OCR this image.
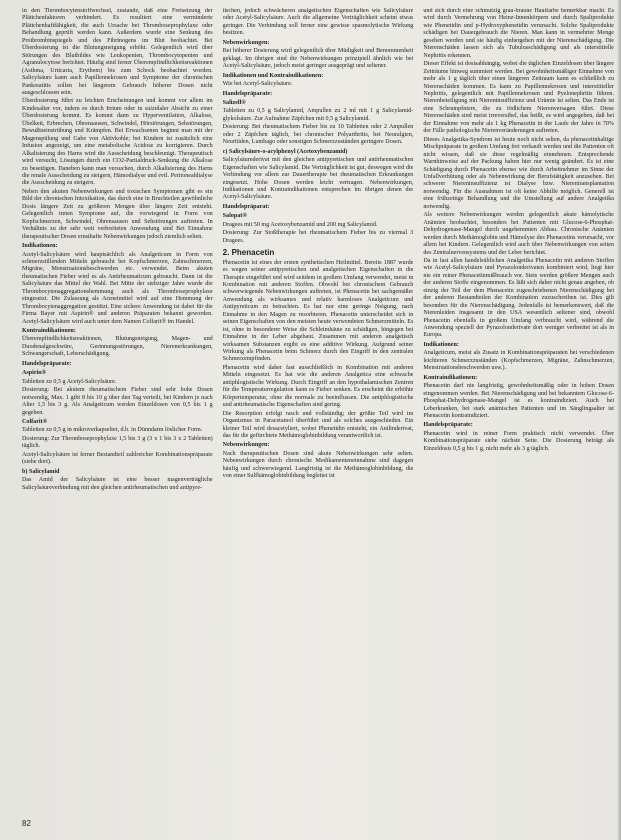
in den Thrombocytenstoffwechsel, zustande, daß eine Freisetzung der Plättchenfaktoren verhindert. Es resultiert eine verminderte Plättchenhaftfähigkeit, die auch Ursache bei Thromboseprophylaxe oder Behandlung geprüft werden kann. Außerdem wurde eine Senkung des Prothrombinspiegels und des Fibrinogens im Blut beobachtet. Bei Überdosierung ist die Blutungsneigung erhöht. Gelegentlich wird über Störungen des Blutbildes wie Leukopenien, Thrombocytopenien und Agranulocytose berichtet. Häufig sind ferner Überempfindlichkeitsreaktionen (Asthma, Urticaria, Erythem) bis zum Schock beobachtet worden. Salicylsäure kann auch Papillennekrosen und Symptome der chronischen Pankreatitis sollen bei längerem Gebrauch höherer Dosen nicht ausgeschlossen sein.

Überdosierung führt zu leichten Erscheinungen und kommt vor allem im Kindesalter vor, indem es durch Irrtum oder in suizidaler Absicht zu einer Überdosierung kommt. Es kommt dann zu Hyperventilation, Alkalose, Übelkeit, Erbrechen, Ohrensausen, Schwindel, Hörstörungen, Sehstörungen, Bewußtseinstrübung und Krämpfen. Bei Erwachsenen beginnt man mit der Magenspülung und Gabe von Aktivkohle; bei Kindern ist zusätzlich eine Infusion angezeigt, um eine metabolische Acidose zu korrigieren. Durch Alkalisierung des Harns wird die Ausscheidung beschleunigt. Therapeutisch wird versucht, Lösungen durch ein CO2-Partialdruck-Senkung die Alkalose zu beseitigen. Daneben kann man versuchen, durch Alkalisierung des Harns die renale Ausscheidung zu steigern, Hämodialyse und evtl. Peritonealdialyse die Ausscheidung zu steigern.

Neben den akuten Nebenwirkungen und toxischen Symptomen gibt es ein Bild der chronischen Intoxikation, das durch eine in Bruchteilen gewöhnliche Dosis längere Zeit zu größeren Mengen über längere Zeit entsteht. Gelegentlich treten Symptome auf, die vorwiegend in Form von Kopfschmerzen, Schwindel, Ohrensausen und Sehstörungen auftreten. In Verhältnis zu der sehr weit verbreiteten Anwendung sind Bei Einnahme therapeutischer Dosen ernsthafte Nebenwirkungen jedoch ziemlich selten.

Indikationen:

Acetyl-Salicylsäure wird hauptsächlich als Analgeticum in Form von schmerzstillenden Mitteln gebraucht bei Kopfschmerzen, Zahnschmerzen, Migräne, Menstruationsbeschwerden etc. verwendet. Beim akuten rheumatischen Fieber wird es als Antirheumaticum gebraucht. Dann ist die Salicylsäure das Mittel der Wahl. Bei Mitte der siebziger Jahre wurde die Thrombocytenaggregationshemmung auch als Thromboseprophylaxe eingesetzt. Die Zulassung als Arzneimittel wird auf eine Hemmung der Thrombocytenaggregation gestützt. Eine sichere Anwendung ist dabei für die Firma Bayer mit Aspirin® und anderen Präparaten bekannt geworden. Acetyl-Salicylsäure wird auch unter dem Namen Colfarit® im Handel.

Kontraindikationen:

Überempfindlichkeitsreaktionen, Blutungsneigung, Magen- und Duodenalgeschwüre, Gerinnungsstörungen, Nierenerkrankungen, Schwangerschaft, Leberschädigung.

Handelspräparate:

Aspirin®

Tabletten zu 0,5 g Acetyl-Salicylsäure.

Dosierung: Bei akutem rheumatischem Fieber sind sehr hohe Dosen notwendig, Max. 1 gibt 8 bis 10 g über den Tag verteilt, bei Kindern je nach Alter 1,5 bis 3 g. Als Analgeticum werden Einzeldosen von 0,5 bis 1 g gegeben.

Colfarit®

Tabletten zu 0,5 g in mikroverkapselter, d.h. in Dünndarm löslicher Form.

Dosierung: Zur Thromboseprophylaxe 1,5 bis 3 g (3 x 1 bis 3 x 2 Tabletten) täglich.

Acetyl-Salicylsäure ist ferner Bestandteil zahlreicher Kombinationspräparate (siehe dort).

b) Salicylamid

Das Amid der Salicylsäure ist eine besser magenverträgliche Salicylsäureverbindung mit den gleichen antirheumatischen und antipyre-

tischen, jedoch schwächeren analgetischen Eigenschaften wie Salicylsäure oder Acetyl-Salicylsäure. Auch die allgemeine Verträglichkeit scheint etwas geringer. Die Verbindung soll ferner eine gewisse spasmolytische Wirkung besitzen.

Nebenwirkungen:

Bei höherer Dosierung wird gelegentlich über Müdigkeit und Benommenheit geklagt. Im übrigen sind die Nebenwirkungen prinzipiell ähnlich wie bei Acetyl-Salicylsäure, jedoch meist geringer ausgeprägt und seltener.

Indikationen und Kontraindikationen:

Wie bei Acetyl-Salicylsäure.

Handelspräparate:

Salizell®

Tabletten zu 0,5 g Salicylamid, Ampullen zu 2 ml mit 1 g Salicylamid-glykolsäure. Zur Aufnahme Zäpfchen mit 0,5 g Salicylamid.

Dosierung: Bei rheumatischem Fieber bis zu 10 Tabletten oder 2 Ampullen oder 2 Zäpfchen täglich, bei chronischer Polyarthritis, bei Neuralgien, Neuritiden, Lumbago oder sonstigen Schmerzzuständen geringere Dosen.

c) Salicylsäure-o-acylphenyl (Acetoxybenzamid)

Salicylsäurederivat mit den gleichen antipyretischen und antirheumatischen Eigenschaften wie Salicylamid. Die Verträglichkeit ist gut, deswegen wird die Verbindung vor allem zur Dauertherapie bei rheumatischen Erkrankungen eingesetzt. Hohe Dosen werden leicht vertragen. Nebenwirkungen, Indikationen und Kontraindikationen entsprechen im übrigen denen der Acetyl-Salicylsäure.

Handelspräparat:

Salopat®

Dragees mit 50 mg Acetoxybenzamid und 200 mg Salicylamid.

Dosierung: Zur Stoßtherapie bei rheumatischem Fieber bis zu viermal 3 Dragees.

2. Phenacetin

Phenacetin ist eines der ersten synthetischen Heilmittel. Bereits 1887 wurde es wegen seiner antipyretischen und analgetischen Eigenschaften in die Therapie eingeführt und wird seitdem in großem Umfang verwendet, meist in Kombination mit anderen Stoffen. Obwohl bei chronischem Gebrauch schwerwiegende Nebenwirkungen auftreten, ist Phenacetin bei sachgemäßer Anwendung als wirksames und relativ harmloses Analgeticum und Antipyreticum zu betrachten. Es hat nur eine geringe Neigung, nach Einnahme in den Magen zu resorbieren. Phenacetin unterscheidet sich in seinen Eigenschaften von den meisten heute verwendeten Schmerzmitteln. Es ist, ohne in besonderer Weise die Schleimhäute zu schädigen, hingegen bei Einnahme in der Leber abgebaut. Zusammen mit anderen analgetisch wirksamen Substanzen ergibt es eine additive Wirkung. Aufgrund seiner Wirkung als Phenacetin beim Schmerz durch den Eingriff in den zentralen Schmerzempfinden.

Phenacetin wird daher fast ausschließlich in Kombination mit anderen Mitteln eingesetzt. Es hat wie die anderen Analgetica eine schwache antiphlogistische Wirkung. Durch Eingriff an den hypothalamischen Zentren für die Temperaturregulation kann es Fieber senken. Es erscheint die erhöhte Körpertemperatur, ohne die normale zu beeinflussen. Die antiphlogistische und antirheumatische Eigenschaften sind gering.

Die Resorption erfolgt rasch und vollständig; der größte Teil wird im Organismus in Paracetamol überführt und als solches ausgeschieden. Ein kleiner Teil wird desacetyliert, wobei Phenetidin entsteht, ein Anilinderivat, das für die gefürchtete Methämoglobinbildung verantwortlich ist.

Nebenwirkungen:

Nach therapeutischen Dosen sind akute Nebenwirkungen sehr selten. Nebenwirkungen durch chronische Medikamenteneinnahme sind dagegen häufig und schwerwiegend. Langfristig ist die Methämoglobinbildung, die von einer Sulfhämoglobinbildung begleitet ist

und sich durch eine schmutzig grau-braune Hautfarbe bemerkbar macht. Es wird durch Vermehrung von Heinz-Innenkörpern und durch Spaltprodukte wie Phenetidin und p-Hydroxyphenetidin verursacht. Solche Spaltprodukte schädigen bei Dauergebrauch die Nieren. Man kann in vermehrter Menge gesehen werden und sie häufig einhergehen mit der Nierenschädigung. Die Nierenschäden lassen sich als Tubulusschädigung und als interstitielle Nephritis erkennen.

Dieser Effekt ist dosisabhängig, wobei die täglichen Einzeldosen über längere Zeiträume hinweg summiert werden. Bei gewohnheitsmäßiger Einnahme von mehr als 1 g täglich über einen längeren Zeitraum kann es schließlich zu Nierenschäden kommen. Es kann zu Papillennekrosen und interstitieller Nephritis, gelegentlich mit Papillennekrosen und Pyelonephritis führen. Nierenbeteiligung mit Niereninsuffizienz und Urämie ist selten. Das Ende ist eine Schrumpfniere, die zu tödlichem Nierenversagen führt. Diese Nierenschäden sind meist irreversibel, das heißt, es wird angegeben, daß bei der Einnahme von mehr als 1 kg Phenacetin in der Laufe der Jahre in 70% der Fälle pathologische Nierenveränderungen auftreten.

Dieses Analgetika-Syndrom ist heute noch nicht selten, da phenacetinhaltige Mischpräparate in großem Umfang frei verkauft werden und die Patienten oft nicht wissen, daß sie diese regelmäßig einnehmen. Entsprechende Warnhinweise auf der Packung haben hier nur wenig geändert. Es ist eine Schädigung durch Phenacetin ebenso wie durch Arbeitnehmer im Sinne der Unfallverhütung oder als Nebenwirkung der Berufstätigkeit anzusehen. Bei schwerer Niereninsuffizienz ist Dialyse bzw. Nierentransplantation notwendig. Für die Ausnahmen ist oft keine Abhilfe möglich. Generell ist eine frühzeitige Behandlung und die Umstellung auf andere Analgetika notwendig.

Als weitere Nebenwirkungen werden gelegentlich akute hämolytische Anämien beobachtet, besonders bei Patienten mit Glucose-6-Phosphat-Dehydrogenase-Mangel durch ungehemmten Abbau. Chronische Anämien werden durch Methämoglobin und Hämolyse des Phenacetins verursacht, vor allem bei Kindern. Gelegentlich wird auch über Nebenwirkungen von seiten des Zentralnervensystems und der Leber berichtet.

Da in fast allen handelsüblichen Analgetika Phenacetin mit anderen Stoffen wie Acetyl-Salicylsäure und Pyrazolonderivaten kombiniert wird, liegt hier nie ein reiner Phenacetinmißbrauch vor. Stets werden größere Mengen auch der anderen Stoffe eingenommen. Es läßt sich daher nicht genau angeben, ob einzig der Teil der dem Phenacetin zugeschriebenen Nierenschädigung bei der anderen Bestandteilen der Kombination zuzuschreiben ist. Dies gilt besonders für die Nierenschädigung. Jedenfalls ist bemerkenswert, daß die Nierenleiden insgesamt in den USA wesentlich seltener sind, obwohl Phenacetin ebenfalls in großem Umfang verbraucht wird, während die Anwendung speziell der Pyrazolonderivate dort weniger verbreitet ist als in Europa.

Indikationen:

Analgeticum, meist als Zusatz in Kombinationspräparaten bei verschiedenen leichteren Schmerzzuständen (Kopfschmerzen, Migräne, Zahnschmerzen, Menstruationsbeschwerden usw.).

Kontraindikationen:

Phenacetin darf nie langfristig, gewohnheitsmäßig oder in hohen Dosen eingenommen werden. Bei Nierenschädigung und bei bekanntem Glucose-6-Phosphat-Dehydrogenase-Mangel ist es kontraindiziert. Auch bei Leberkranken, bei stark anämischen Patienten und im Säuglingsalter ist Phenacetin kontraindiziert.

Handelspräparate:

Phenacetin wird in reiner Form praktisch nicht verwendet. Über Kombinationspräparate siehe nächste Seite. Die Dosierung beträgt als Einzeldosis 0,5 g bis 1 g, nicht mehr als 3 g täglich.

82
